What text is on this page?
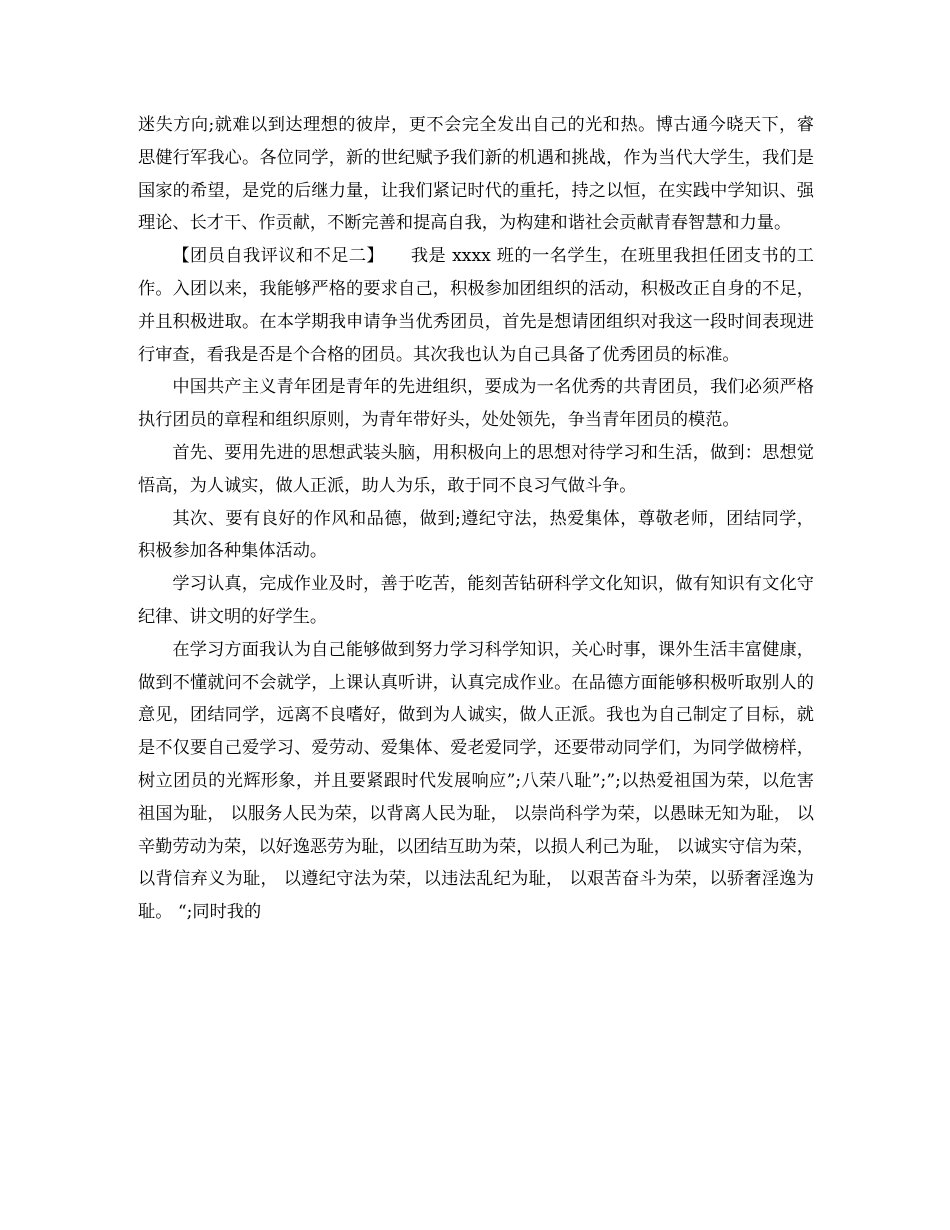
迷失方向;就难以到达理想的彼岸，更不会完全发出自己的光和热。博古通今晓天下，睿思健行军我心。各位同学，新的世纪赋予我们新的机遇和挑战，作为当代大学生，我们是国家的希望，是党的后继力量，让我们紧记时代的重托，持之以恒，在实践中学知识、强理论、长才干、作贡献，不断完善和提高自我，为构建和谐社会贡献青春智慧和力量。

【团员自我评议和不足二】　　我是 xxxx 班的一名学生，在班里我担任团支书的工作。入团以来，我能够严格的要求自己，积极参加团组织的活动，积极改正自身的不足，并且积极进取。在本学期我申请争当优秀团员，首先是想请团组织对我这一段时间表现进行审查，看我是否是个合格的团员。其次我也认为自己具备了优秀团员的标准。

中国共产主义青年团是青年的先进组织，要成为一名优秀的共青团员，我们必须严格执行团员的章程和组织原则，为青年带好头，处处领先，争当青年团员的模范。

首先、要用先进的思想武装头脑，用积极向上的思想对待学习和生活，做到：思想觉悟高，为人诚实，做人正派，助人为乐，敢于同不良习气做斗争。

其次、要有良好的作风和品德，做到;遵纪守法，热爱集体，尊敬老师，团结同学，积极参加各种集体活动。

学习认真，完成作业及时，善于吃苦，能刻苦钻研科学文化知识，做有知识有文化守纪律、讲文明的好学生。

在学习方面我认为自己能够做到努力学习科学知识，关心时事，课外生活丰富健康，做到不懂就问不会就学，上课认真听讲，认真完成作业。在品德方面能够积极听取别人的意见，团结同学，远离不良嗜好，做到为人诚实，做人正派。我也为自己制定了目标，就是不仅要自己爱学习、爱劳动、爱集体、爱老爱同学，还要带动同学们，为同学做榜样，树立团员的光辉形象，并且要紧跟时代发展响应”;八荣八耻”;”;以热爱祖国为荣，以危害祖国为耻， 以服务人民为荣，以背离人民为耻， 以崇尚科学为荣，以愚昧无知为耻， 以辛勤劳动为荣，以好逸恶劳为耻，以团结互助为荣，以损人利己为耻， 以诚实守信为荣，以背信弃义为耻， 以遵纪守法为荣，以违法乱纪为耻， 以艰苦奋斗为荣，以骄奢淫逸为耻。 “;同时我的
